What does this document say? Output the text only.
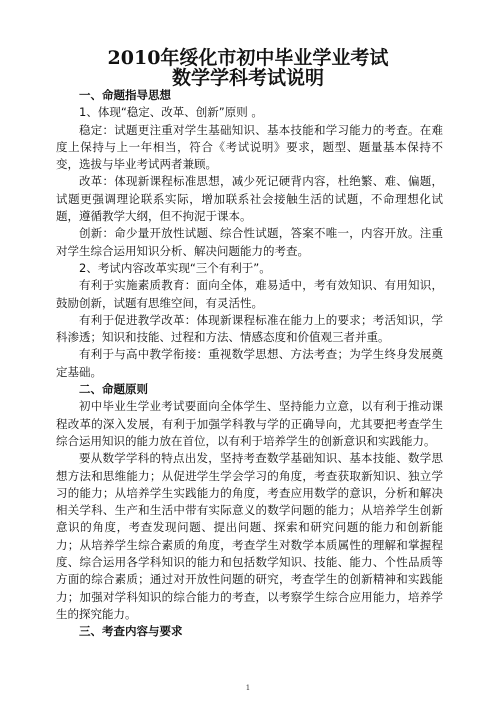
2010年绥化市初中毕业学业考试
数学学科考试说明

一、命题指导思想

1、体现“稳定、改革、创新”原则 。

稳定：试题更注重对学生基础知识、基本技能和学习能力的考查。在难度上保持与上一年相当，符合《考试说明》要求，题型、题量基本保持不变，选拔与毕业考试两者兼顾。

改革：体现新课程标准思想，减少死记硬背内容，杜绝繁、难、偏题，试题更强调理论联系实际，增加联系社会接触生活的试题，不命理想化试题，遵循教学大纲，但不拘泥于课本。

创新：命少量开放性试题、综合性试题，答案不唯一，内容开放。注重对学生综合运用知识分析、解决问题能力的考查。

2、考试内容改革实现“三个有利于”。

有利于实施素质教育：面向全体，难易适中，考有效知识、有用知识，鼓励创新，试题有思维空间，有灵活性。

有利于促进教学改革：体现新课程标准在能力上的要求；考活知识，学科渗透；知识和技能、过程和方法、情感态度和价值观三者并重。

有利于与高中教学衔接：重视数学思想、方法考查；为学生终身发展奠定基础。

二、命题原则

初中毕业生学业考试要面向全体学生、坚持能力立意，以有利于推动课程改革的深入发展，有利于加强学科教与学的正确导向，尤其要把考查学生综合运用知识的能力放在首位，以有利于培养学生的创新意识和实践能力。

要从数学学科的特点出发，坚持考查数学基础知识、基本技能、数学思想方法和思维能力；从促进学生学会学习的角度，考查获取新知识、独立学习的能力；从培养学生实践能力的角度，考查应用数学的意识，分析和解决相关学科、生产和生活中带有实际意义的数学问题的能力；从培养学生创新意识的角度，考查发现问题、提出问题、探索和研究问题的能力和创新能力；从培养学生综合素质的角度，考查学生对数学本质属性的理解和掌握程度、综合运用各学科知识的能力和包括数学知识、技能、能力、个性品质等方面的综合素质；通过对开放性问题的研究，考查学生的创新精神和实践能力；加强对学科知识的综合能力的考查，以考察学生综合应用能力，培养学生的探究能力。

三、考查内容与要求

1
